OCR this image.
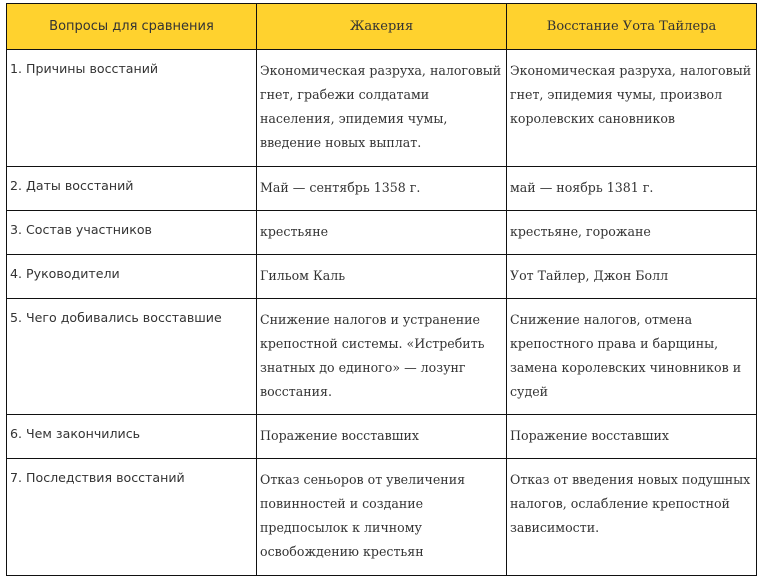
Вопросы для сравнения	Жакерия	Восстание Уота Тайлера
1. Причины восстаний	Экономическая разруха, налоговый гнет, грабежи солдатами населения, эпидемия чумы, введение новых выплат.	Экономическая разруха, налоговый гнет, эпидемия чумы, произвол королевских сановников
2. Даты восстаний	Май — сентябрь 1358 г.	май — ноябрь 1381 г.
3. Состав участников	крестьяне	крестьяне, горожане
4. Руководители	Гильом Каль	Уот Тайлер, Джон Болл
5. Чего добивались восставшие	Снижение налогов и устранение крепостной системы. «Истребить знатных до единого» — лозунг восстания.	Снижение налогов, отмена крепостного права и барщины, замена королевских чиновников и судей
6. Чем закончились	Поражение восставших	Поражение восставших
7. Последствия восстаний	Отказ сеньоров от увеличения повинностей и создание предпосылок к личному освобождению крестьян	Отказ от введения новых подушных налогов, ослабление крепостной зависимости.
